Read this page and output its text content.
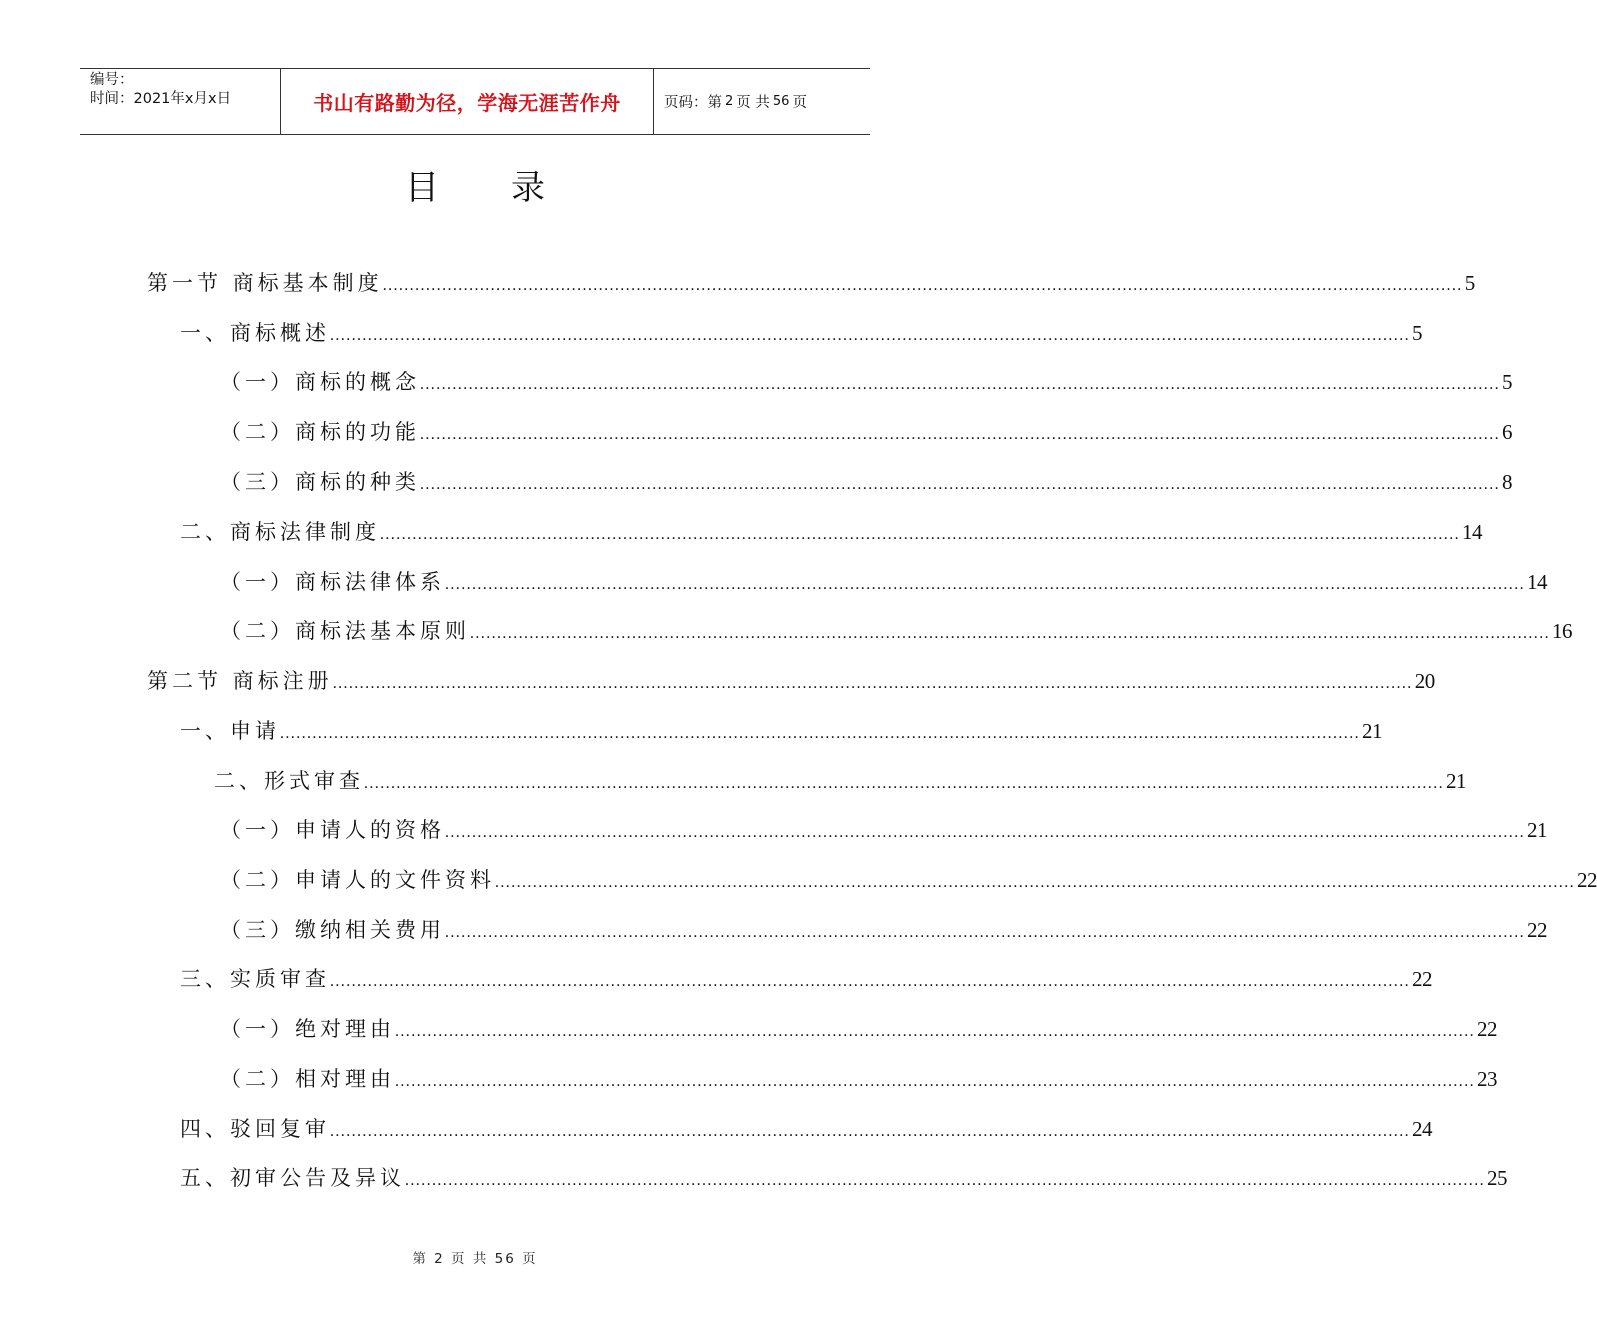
编号：
时间：2021年x月x日	书山有路勤为径，学海无涯苦作舟	页码：第 2 页 共 56 页
目 录
第一节 商标基本制度 ........................................................................................................................................................................................................ 5
一、商标概述 ........................................................................................................................................................................................................ 5
（一）商标的概念 ........................................................................................................................................................................................................ 5
（二）商标的功能 ........................................................................................................................................................................................................ 6
（三）商标的种类 ........................................................................................................................................................................................................ 8
二、商标法律制度 ........................................................................................................................................................................................................ 14
（一）商标法律体系 ........................................................................................................................................................................................................ 14
（二）商标法基本原则 ........................................................................................................................................................................................................ 16
第二节 商标注册 ........................................................................................................................................................................................................ 20
一、申请 ........................................................................................................................................................................................................ 21
二、形式审查 ........................................................................................................................................................................................................ 21
（一）申请人的资格 ........................................................................................................................................................................................................ 21
（二）申请人的文件资料 ........................................................................................................................................................................................................ 22
（三）缴纳相关费用 ........................................................................................................................................................................................................ 22
三、实质审查 ........................................................................................................................................................................................................ 22
（一）绝对理由 ........................................................................................................................................................................................................ 22
（二）相对理由 ........................................................................................................................................................................................................ 23
四、驳回复审 ........................................................................................................................................................................................................ 24
五、初审公告及异议 ........................................................................................................................................................................................................ 25
第 2 页 共 56 页
